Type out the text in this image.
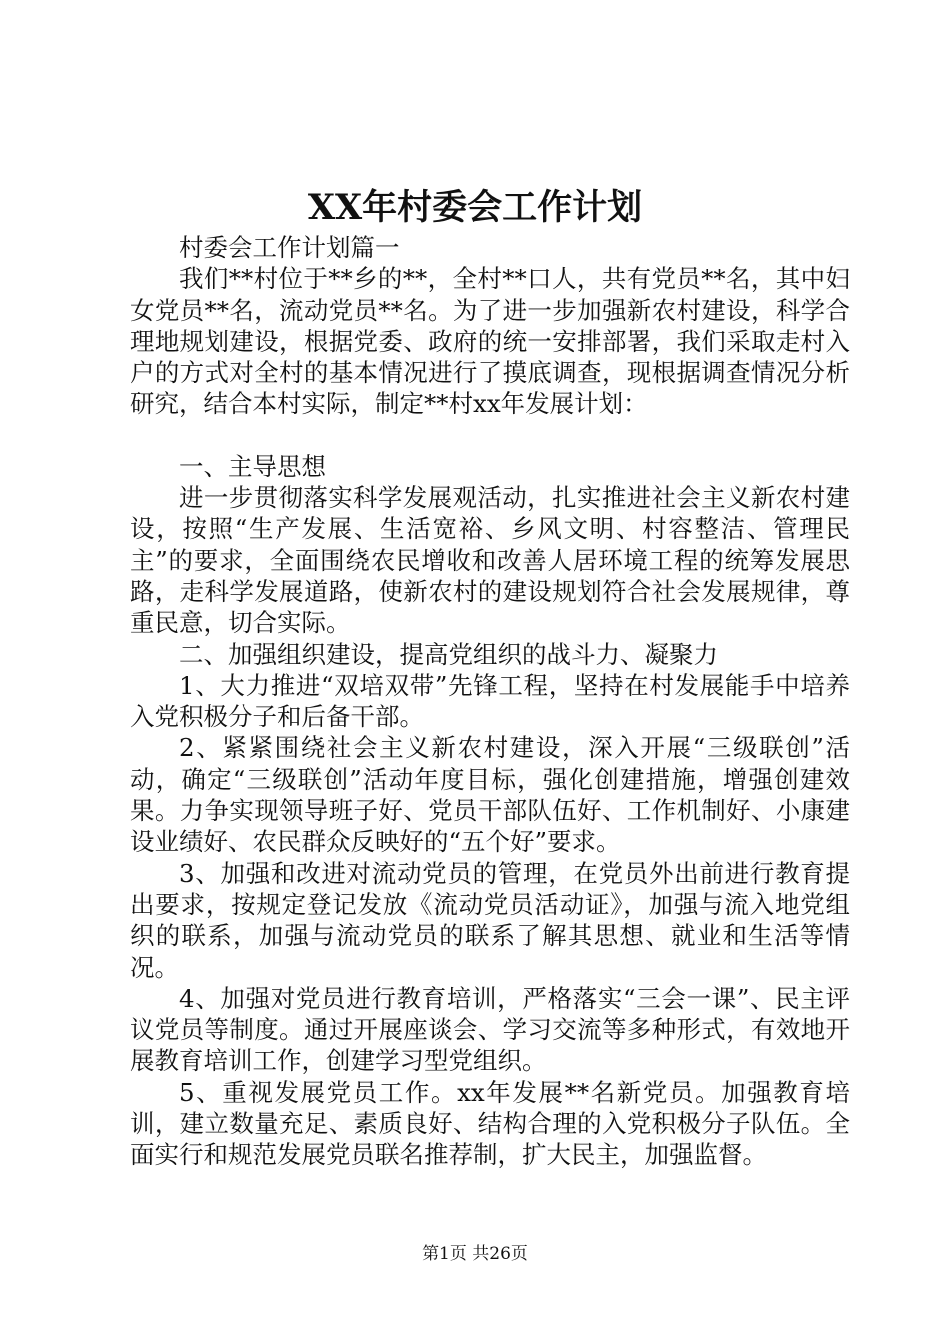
XX年村委会工作计划

村委会工作计划篇一

我们**村位于**乡的**，全村**口人，共有党员**名，其中妇女党员**名，流动党员**名。为了进一步加强新农村建设，科学合理地规划建设，根据党委、政府的统一安排部署，我们采取走村入户的方式对全村的基本情况进行了摸底调查，现根据调查情况分析研究，结合本村实际，制定**村xx年发展计划：

一、主导思想

进一步贯彻落实科学发展观活动，扎实推进社会主义新农村建设，按照“生产发展、生活宽裕、乡风文明、村容整洁、管理民主”的要求，全面围绕农民增收和改善人居环境工程的统筹发展思路，走科学发展道路，使新农村的建设规划符合社会发展规律，尊重民意，切合实际。

二、加强组织建设，提高党组织的战斗力、凝聚力

1、大力推进“双培双带”先锋工程，坚持在村发展能手中培养入党积极分子和后备干部。

2、紧紧围绕社会主义新农村建设，深入开展“三级联创”活动，确定“三级联创”活动年度目标，强化创建措施，增强创建效果。力争实现领导班子好、党员干部队伍好、工作机制好、小康建设业绩好、农民群众反映好的“五个好”要求。

3、加强和改进对流动党员的管理，在党员外出前进行教育提出要求，按规定登记发放《流动党员活动证》，加强与流入地党组织的联系，加强与流动党员的联系了解其思想、就业和生活等情况。

4、加强对党员进行教育培训，严格落实“三会一课”、民主评议党员等制度。通过开展座谈会、学习交流等多种形式，有效地开展教育培训工作，创建学习型党组织。

5、重视发展党员工作。xx年发展**名新党员。加强教育培训，建立数量充足、素质良好、结构合理的入党积极分子队伍。全面实行和规范发展党员联名推荐制，扩大民主，加强监督。

第1页 共26页
